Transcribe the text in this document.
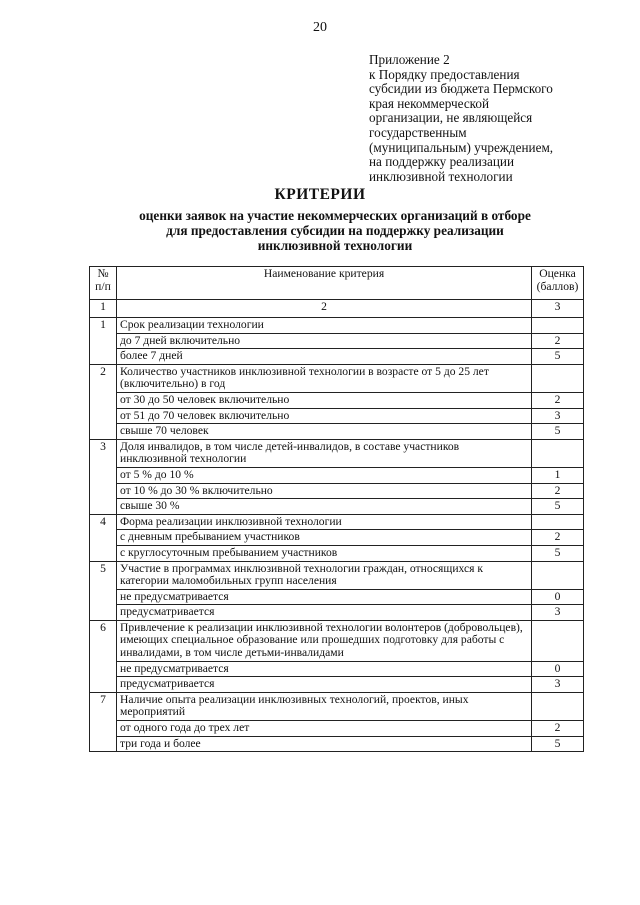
20
Приложение 2
к Порядку предоставления
субсидии из бюджета Пермского
края некоммерческой
организации, не являющейся
государственным
(муниципальным) учреждением,
на поддержку реализации
инклюзивной технологии
КРИТЕРИИ
оценки заявок на участие некоммерческих организаций в отборе
для предоставления субсидии на поддержку реализации
инклюзивной технологии
№ п/п	Наименование критерия	Оценка (баллов)
1	2	3
1	Срок реализации технологии	
	до 7 дней включительно	2
	более 7 дней	5
2	Количество участников инклюзивной технологии в возрасте от 5 до 25 лет (включительно) в год	
	от 30 до 50 человек включительно	2
	от 51 до 70 человек включительно	3
	свыше 70 человек	5
3	Доля инвалидов, в том числе детей-инвалидов, в составе участников инклюзивной технологии	
	от 5 % до 10 %	1
	от 10 % до 30 % включительно	2
	свыше 30 %	5
4	Форма реализации инклюзивной технологии	
	с дневным пребыванием участников	2
	с круглосуточным пребыванием участников	5
5	Участие в программах инклюзивной технологии граждан, относящихся к категории маломобильных групп населения	
	не предусматривается	0
	предусматривается	3
6	Привлечение к реализации инклюзивной технологии волонтеров (добровольцев), имеющих специальное образование или прошедших подготовку для работы с инвалидами, в том числе детьми-инвалидами	
	не предусматривается	0
	предусматривается	3
7	Наличие опыта реализации инклюзивных технологий, проектов, иных мероприятий	
	от одного года до трех лет	2
	три года и более	5
